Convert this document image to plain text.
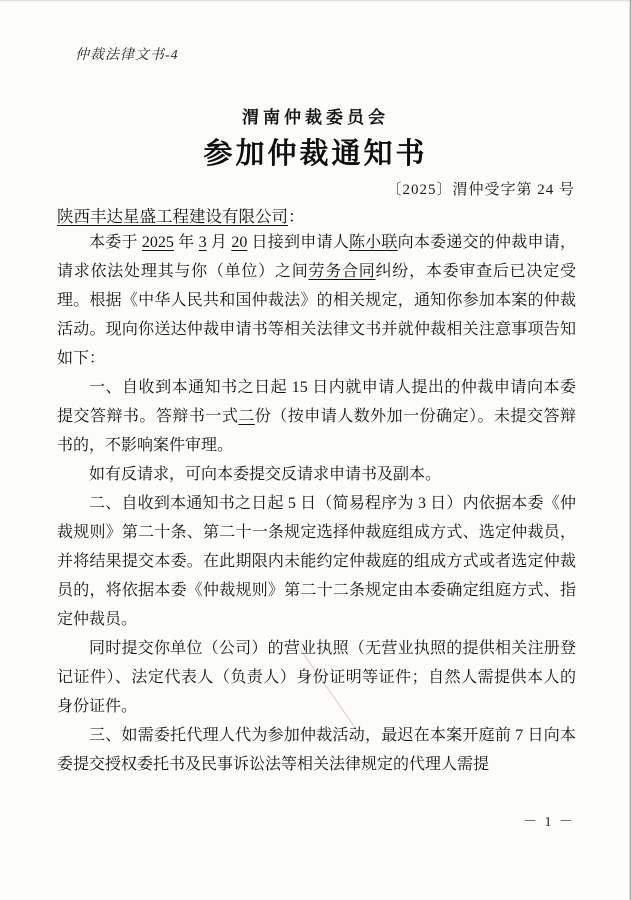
仲裁法律文书-4
渭南仲裁委员会
参加仲裁通知书
〔2025〕渭仲受字第 24 号
陕西丰达星盛工程建设有限公司：

本委于 2025 年 3 月 20 日接到申请人陈小联向本委递交的仲裁申请，请求依法处理其与你（单位）之间劳务合同纠纷，本委审查后已决定受理。根据《中华人民共和国仲裁法》的相关规定，通知你参加本案的仲裁活动。现向你送达仲裁申请书等相关法律文书并就仲裁相关注意事项告知如下：

一、自收到本通知书之日起 15 日内就申请人提出的仲裁申请向本委提交答辩书。答辩书一式二份（按申请人数外加一份确定）。未提交答辩书的，不影响案件审理。

如有反请求，可向本委提交反请求申请书及副本。

二、自收到本通知书之日起 5 日（简易程序为 3 日）内依据本委《仲裁规则》第二十条、第二十一条规定选择仲裁庭组成方式、选定仲裁员，并将结果提交本委。在此期限内未能约定仲裁庭的组成方式或者选定仲裁员的，将依据本委《仲裁规则》第二十二条规定由本委确定组庭方式、指定仲裁员。

同时提交你单位（公司）的营业执照（无营业执照的提供相关注册登记证件）、法定代表人（负责人）身份证明等证件；自然人需提供本人的身份证件。

三、如需委托代理人代为参加仲裁活动，最迟在本案开庭前 7 日向本委提交授权委托书及民事诉讼法等相关法律规定的代理人需提

－ 1 －
